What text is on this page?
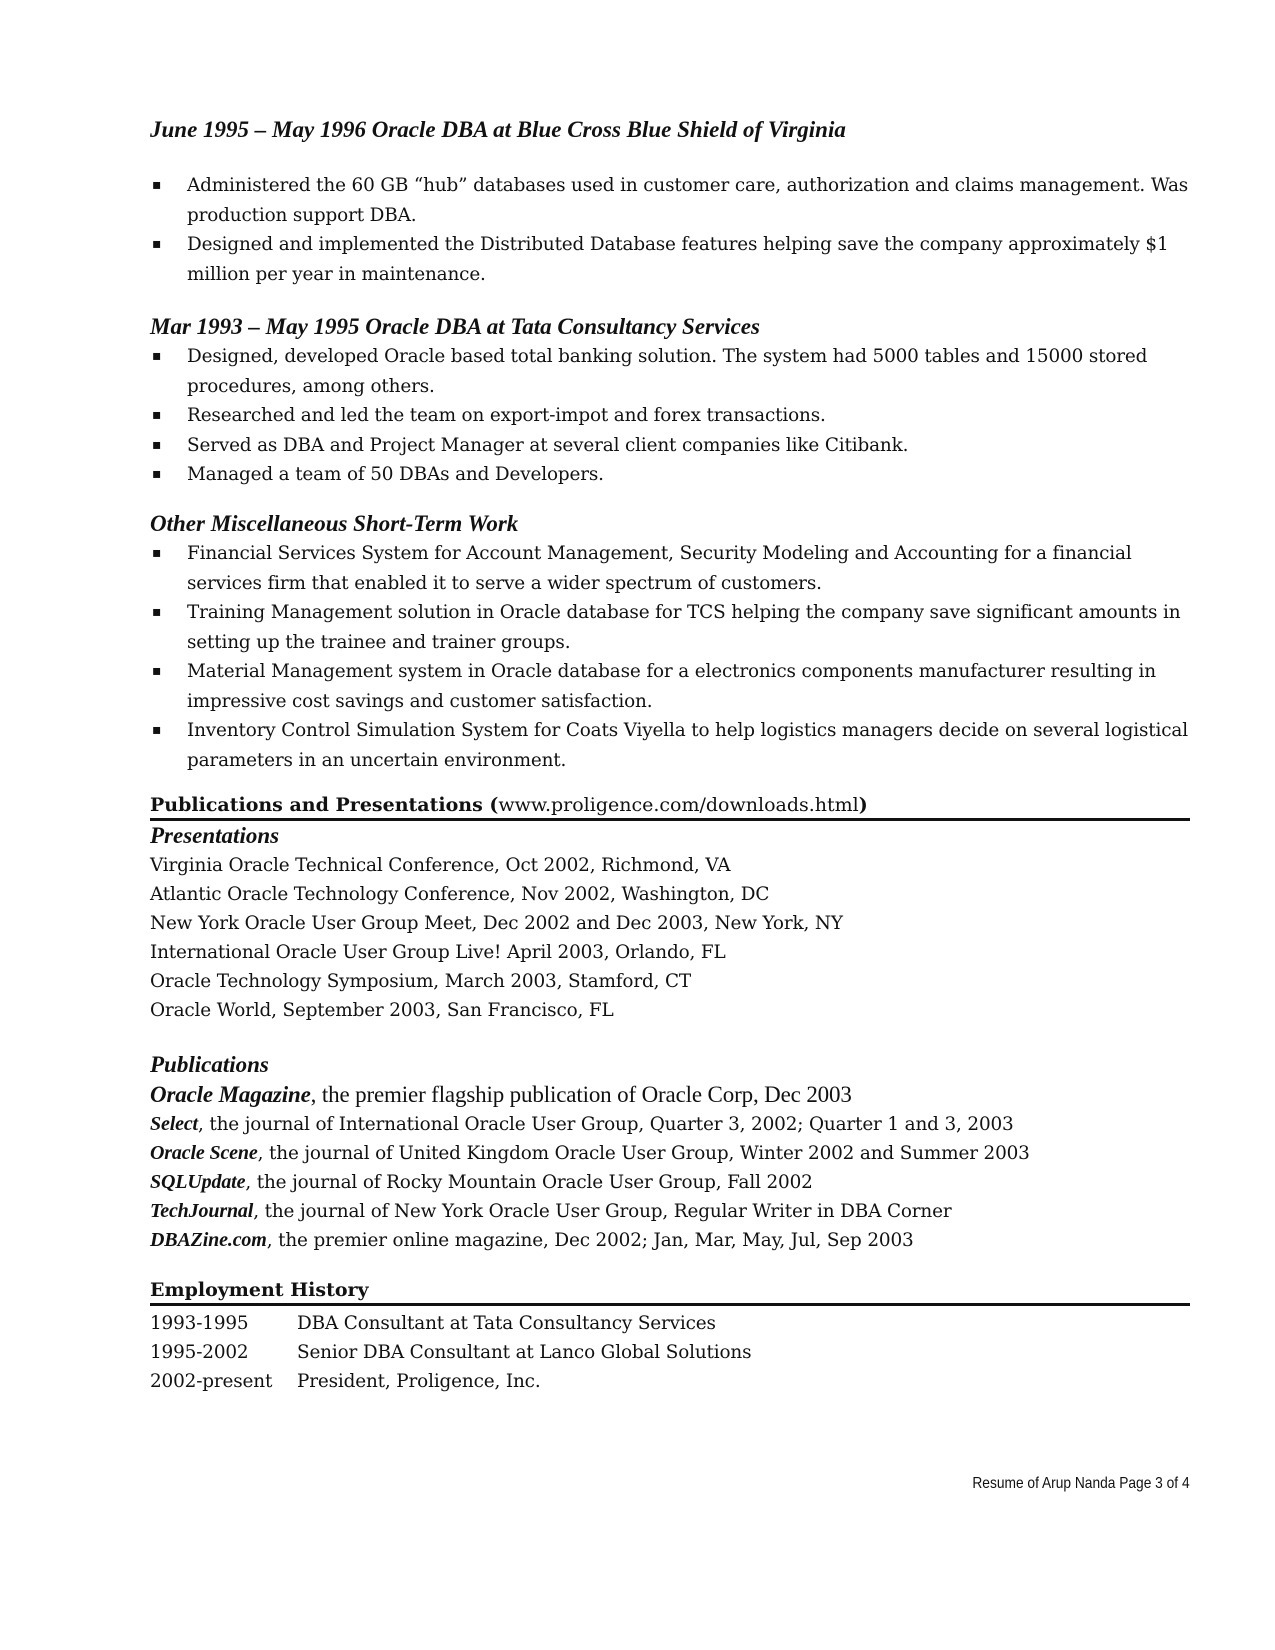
June 1995 – May 1996 Oracle DBA at Blue Cross Blue Shield of Virginia
▪ Administered the 60 GB “hub” databases used in customer care, authorization and claims management. Was production support DBA.
▪ Designed and implemented the Distributed Database features helping save the company approximately $1 million per year in maintenance.
Mar 1993 – May 1995 Oracle DBA at Tata Consultancy Services
▪ Designed, developed Oracle based total banking solution. The system had 5000 tables and 15000 stored procedures, among others.
▪ Researched and led the team on export-impot and forex transactions.
▪ Served as DBA and Project Manager at several client companies like Citibank.
▪ Managed a team of 50 DBAs and Developers.
Other Miscellaneous Short-Term Work
▪ Financial Services System for Account Management, Security Modeling and Accounting for a financial services firm that enabled it to serve a wider spectrum of customers.
▪ Training Management solution in Oracle database for TCS helping the company save significant amounts in setting up the trainee and trainer groups.
▪ Material Management system in Oracle database for a electronics components manufacturer resulting in impressive cost savings and customer satisfaction.
▪ Inventory Control Simulation System for Coats Viyella to help logistics managers decide on several logistical parameters in an uncertain environment.
Publications and Presentations (www.proligence.com/downloads.html)
Presentations
Virginia Oracle Technical Conference, Oct 2002, Richmond, VA
Atlantic Oracle Technology Conference, Nov 2002, Washington, DC
New York Oracle User Group Meet, Dec 2002 and Dec 2003, New York, NY
International Oracle User Group Live! April 2003, Orlando, FL
Oracle Technology Symposium, March 2003, Stamford, CT
Oracle World, September 2003, San Francisco, FL
Publications
Oracle Magazine, the premier flagship publication of Oracle Corp, Dec 2003
Select, the journal of International Oracle User Group, Quarter 3, 2002; Quarter 1 and 3, 2003
Oracle Scene, the journal of United Kingdom Oracle User Group, Winter 2002 and Summer 2003
SQLUpdate, the journal of Rocky Mountain Oracle User Group, Fall 2002
TechJournal, the journal of New York Oracle User Group, Regular Writer in DBA Corner
DBAZine.com, the premier online magazine, Dec 2002; Jan, Mar, May, Jul, Sep 2003
Employment History
1993-1995	DBA Consultant at Tata Consultancy Services
1995-2002	Senior DBA Consultant at Lanco Global Solutions
2002-present	President, Proligence, Inc.
Resume of Arup Nanda Page 3 of 4
